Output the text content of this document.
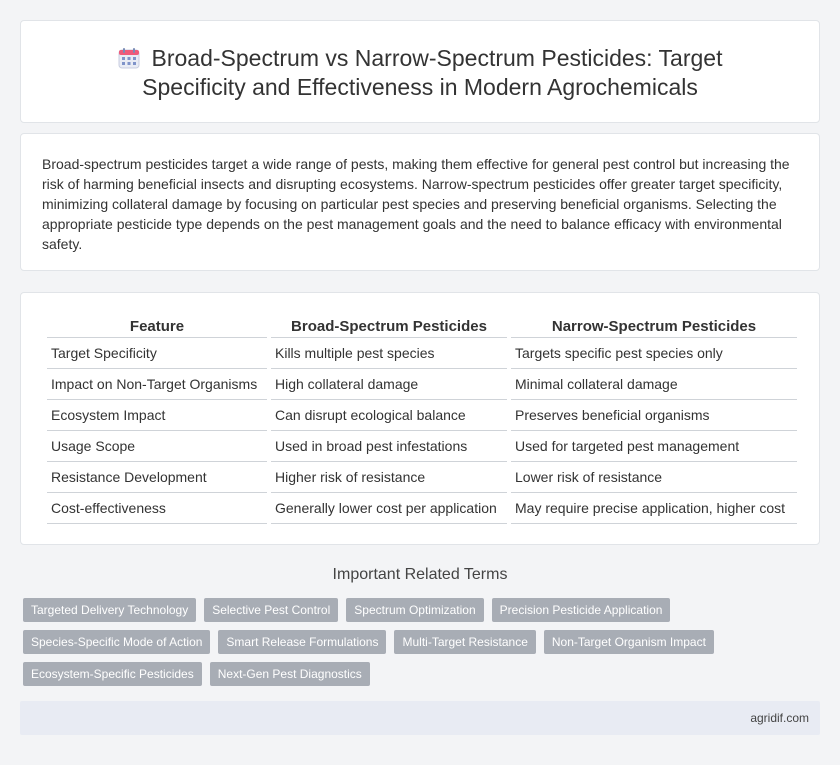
Broad-Spectrum vs Narrow-Spectrum Pesticides: Target
Specificity and Effectiveness in Modern Agrochemicals

Broad-spectrum pesticides target a wide range of pests, making them effective for general pest control but increasing the risk of harming beneficial insects and disrupting ecosystems. Narrow-spectrum pesticides offer greater target specificity, minimizing collateral damage by focusing on particular pest species and preserving beneficial organisms. Selecting the appropriate pesticide type depends on the pest management goals and the need to balance efficacy with environmental safety.

Feature	Broad-Spectrum Pesticides	Narrow-Spectrum Pesticides
Target Specificity	Kills multiple pest species	Targets specific pest species only
Impact on Non-Target Organisms	High collateral damage	Minimal collateral damage
Ecosystem Impact	Can disrupt ecological balance	Preserves beneficial organisms
Usage Scope	Used in broad pest infestations	Used for targeted pest management
Resistance Development	Higher risk of resistance	Lower risk of resistance
Cost-effectiveness	Generally lower cost per application	May require precise application, higher cost
Important Related Terms
Targeted Delivery Technology	Selective Pest Control	Spectrum Optimization	Precision Pesticide Application
Species-Specific Mode of Action	Smart Release Formulations	Multi-Target Resistance	Non-Target Organism Impact
Ecosystem-Specific Pesticides	Next-Gen Pest Diagnostics
agridif.com
